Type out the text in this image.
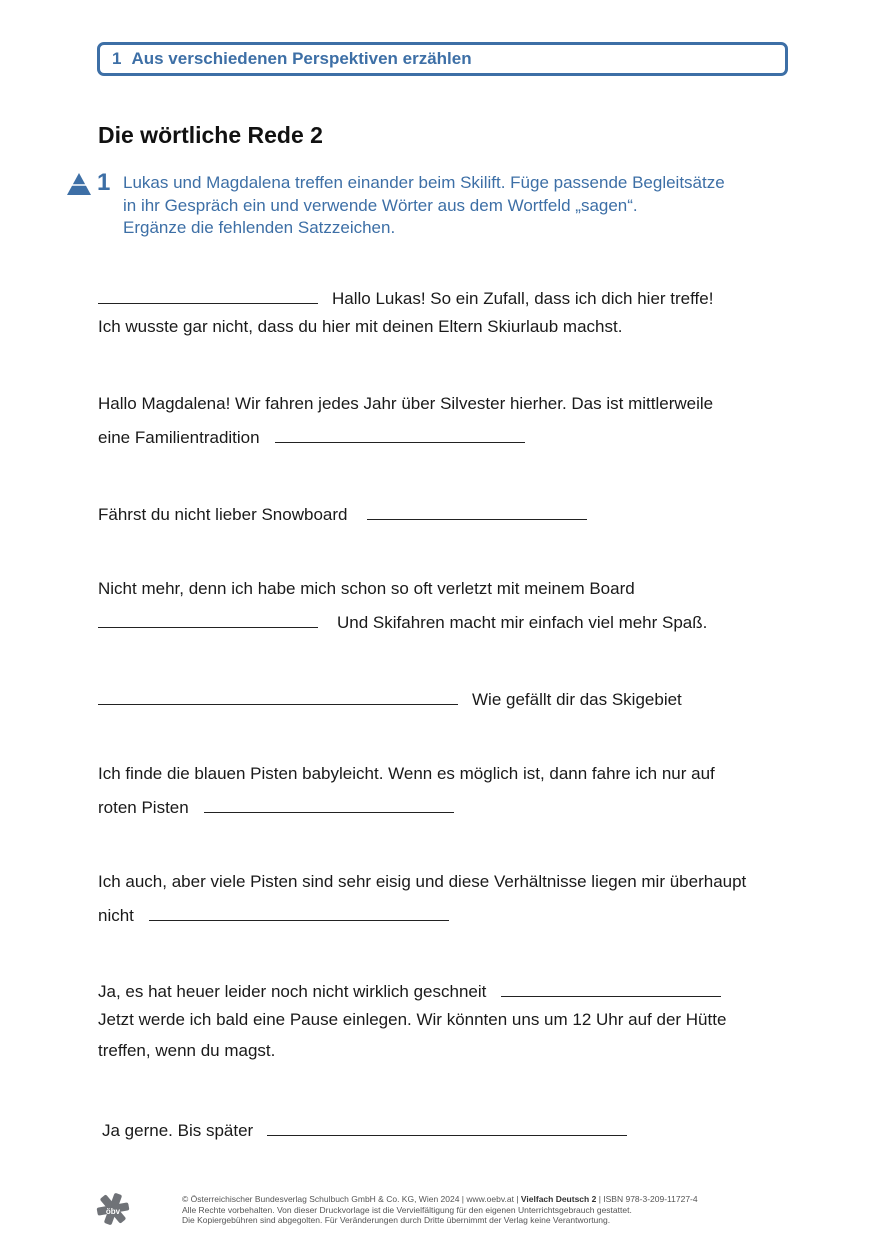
1 Aus verschiedenen Perspektiven erzählen
Die wörtliche Rede 2
1 Lukas und Magdalena treffen einander beim Skilift. Füge passende Begleitsätze
in ihr Gespräch ein und verwende Wörter aus dem Wortfeld „sagen“.
Ergänze die fehlenden Satzzeichen.
Hallo Lukas! So ein Zufall, dass ich dich hier treffe!
Ich wusste gar nicht, dass du hier mit deinen Eltern Skiurlaub machst.
Hallo Magdalena! Wir fahren jedes Jahr über Silvester hierher. Das ist mittlerweile
eine Familientradition
Fährst du nicht lieber Snowboard
Nicht mehr, denn ich habe mich schon so oft verletzt mit meinem Board
Und Skifahren macht mir einfach viel mehr Spaß.
Wie gefällt dir das Skigebiet
Ich finde die blauen Pisten babyleicht. Wenn es möglich ist, dann fahre ich nur auf
roten Pisten
Ich auch, aber viele Pisten sind sehr eisig und diese Verhältnisse liegen mir überhaupt
nicht
Ja, es hat heuer leider noch nicht wirklich geschneit
Jetzt werde ich bald eine Pause einlegen. Wir könnten uns um 12 Uhr auf der Hütte
treffen, wenn du magst.
Ja gerne. Bis später
öbv
© Österreichischer Bundesverlag Schulbuch GmbH & Co. KG, Wien 2024 | www.oebv.at | Vielfach Deutsch 2 | ISBN 978-3-209-11727-4
Alle Rechte vorbehalten. Von dieser Druckvorlage ist die Vervielfältigung für den eigenen Unterrichtsgebrauch gestattet.
Die Kopiergebühren sind abgegolten. Für Veränderungen durch Dritte übernimmt der Verlag keine Verantwortung.
